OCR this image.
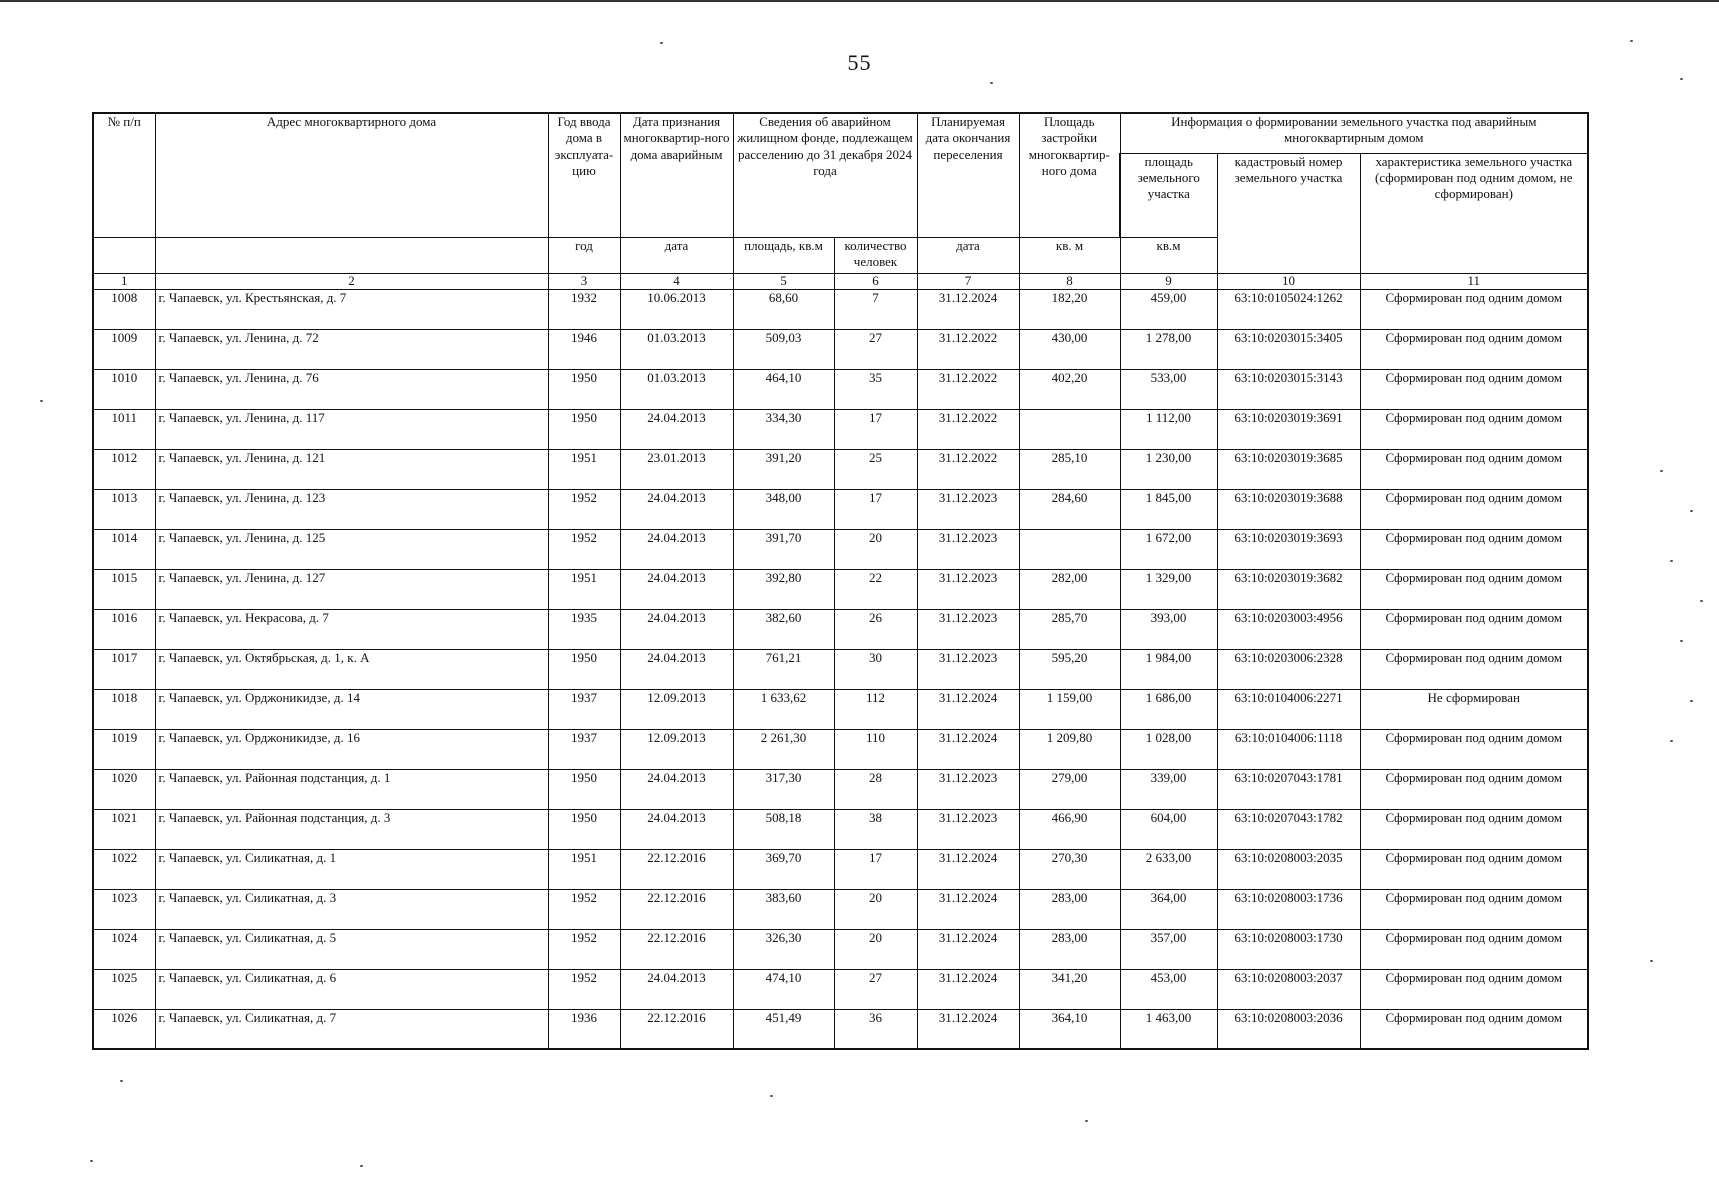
55
№ п/п	Адрес многоквартирного дома	Год ввода дома в эксплуата-цию	Дата признания многоквартир-ного дома аварийным	Сведения об аварийном жилищном фонде, подлежащем расселению до 31 декабря 2024 года		Планируемая дата окончания переселения	Площадь застройки многоквартир-ного дома	Информация о формировании земельного участка под аварийным многоквартирным домом		
								площадь земельного участка	кадастровый номер земельного участка	характеристика земельного участка (сформирован под одним домом, не сформирован)
		год	дата	площадь, кв.м	количество человек	дата	кв. м	кв.м		
1	2	3	4	5	6	7	8	9	10	11
1008	г. Чапаевск, ул. Крестьянская, д. 7	1932	10.06.2013	68,60	7	31.12.2024	182,20	459,00	63:10:0105024:1262	Сформирован под одним домом
1009	г. Чапаевск, ул. Ленина, д. 72	1946	01.03.2013	509,03	27	31.12.2022	430,00	1 278,00	63:10:0203015:3405	Сформирован под одним домом
1010	г. Чапаевск, ул. Ленина, д. 76	1950	01.03.2013	464,10	35	31.12.2022	402,20	533,00	63:10:0203015:3143	Сформирован под одним домом
1011	г. Чапаевск, ул. Ленина, д. 117	1950	24.04.2013	334,30	17	31.12.2022		1 112,00	63:10:0203019:3691	Сформирован под одним домом
1012	г. Чапаевск, ул. Ленина, д. 121	1951	23.01.2013	391,20	25	31.12.2022	285,10	1 230,00	63:10:0203019:3685	Сформирован под одним домом
1013	г. Чапаевск, ул. Ленина, д. 123	1952	24.04.2013	348,00	17	31.12.2023	284,60	1 845,00	63:10:0203019:3688	Сформирован под одним домом
1014	г. Чапаевск, ул. Ленина, д. 125	1952	24.04.2013	391,70	20	31.12.2023		1 672,00	63:10:0203019:3693	Сформирован под одним домом
1015	г. Чапаевск, ул. Ленина, д. 127	1951	24.04.2013	392,80	22	31.12.2023	282,00	1 329,00	63:10:0203019:3682	Сформирован под одним домом
1016	г. Чапаевск, ул. Некрасова, д. 7	1935	24.04.2013	382,60	26	31.12.2023	285,70	393,00	63:10:0203003:4956	Сформирован под одним домом
1017	г. Чапаевск, ул. Октябрьская, д. 1, к. А	1950	24.04.2013	761,21	30	31.12.2023	595,20	1 984,00	63:10:0203006:2328	Сформирован под одним домом
1018	г. Чапаевск, ул. Орджоникидзе, д. 14	1937	12.09.2013	1 633,62	112	31.12.2024	1 159,00	1 686,00	63:10:0104006:2271	Не сформирован
1019	г. Чапаевск, ул. Орджоникидзе, д. 16	1937	12.09.2013	2 261,30	110	31.12.2024	1 209,80	1 028,00	63:10:0104006:1118	Сформирован под одним домом
1020	г. Чапаевск, ул. Районная подстанция, д. 1	1950	24.04.2013	317,30	28	31.12.2023	279,00	339,00	63:10:0207043:1781	Сформирован под одним домом
1021	г. Чапаевск, ул. Районная подстанция, д. 3	1950	24.04.2013	508,18	38	31.12.2023	466,90	604,00	63:10:0207043:1782	Сформирован под одним домом
1022	г. Чапаевск, ул. Силикатная, д. 1	1951	22.12.2016	369,70	17	31.12.2024	270,30	2 633,00	63:10:0208003:2035	Сформирован под одним домом
1023	г. Чапаевск, ул. Силикатная, д. 3	1952	22.12.2016	383,60	20	31.12.2024	283,00	364,00	63:10:0208003:1736	Сформирован под одним домом
1024	г. Чапаевск, ул. Силикатная, д. 5	1952	22.12.2016	326,30	20	31.12.2024	283,00	357,00	63:10:0208003:1730	Сформирован под одним домом
1025	г. Чапаевск, ул. Силикатная, д. 6	1952	24.04.2013	474,10	27	31.12.2024	341,20	453,00	63:10:0208003:2037	Сформирован под одним домом
1026	г. Чапаевск, ул. Силикатная, д. 7	1936	22.12.2016	451,49	36	31.12.2024	364,10	1 463,00	63:10:0208003:2036	Сформирован под одним домом
